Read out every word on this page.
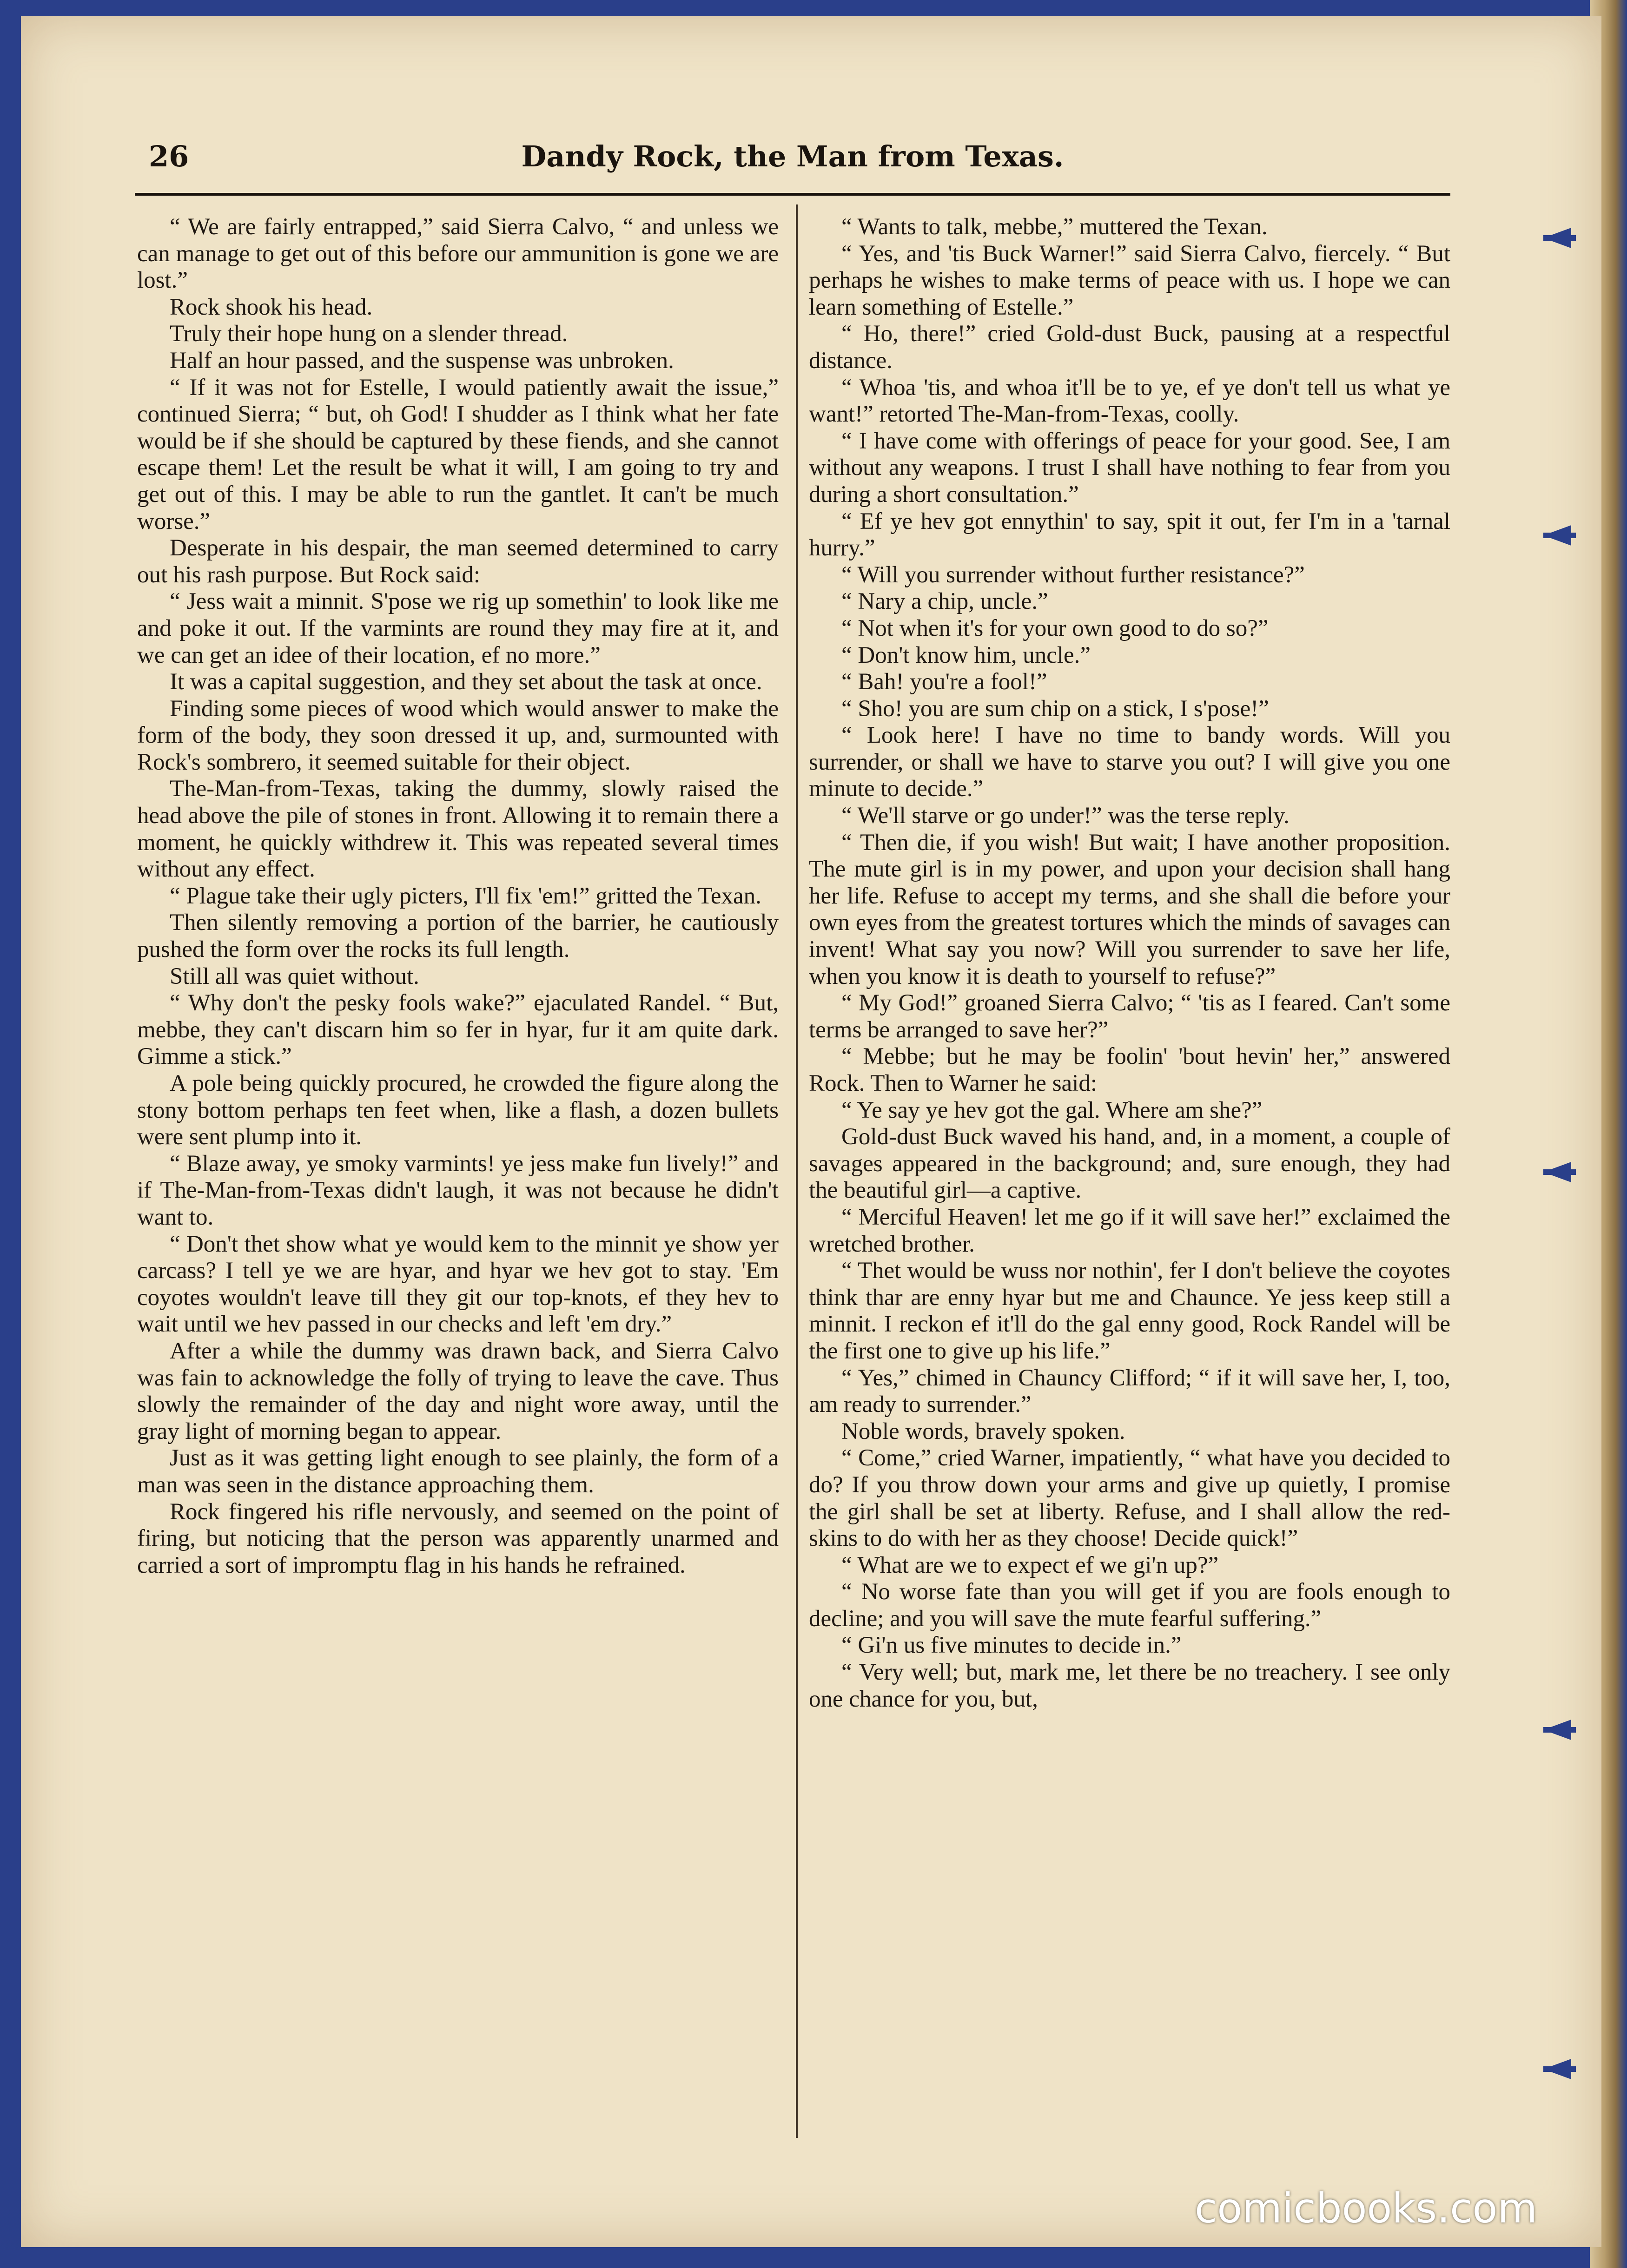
26	Dandy Rock, the Man from Texas.

“ We are fairly entrapped,” said Sierra Calvo, “ and unless we can manage to get out of this before our ammunition is gone we are lost.”

Rock shook his head.

Truly their hope hung on a slender thread.

Half an hour passed, and the suspense was unbroken.

“ If it was not for Estelle, I would patiently await the issue,” continued Sierra; “ but, oh God! I shudder as I think what her fate would be if she should be captured by these fiends, and she cannot escape them! Let the result be what it will, I am going to try and get out of this. I may be able to run the gantlet. It can't be much worse.”

Desperate in his despair, the man seemed determined to carry out his rash purpose. But Rock said:

“ Jess wait a minnit. S'pose we rig up somethin' to look like me and poke it out. If the varmints are round they may fire at it, and we can get an idee of their location, ef no more.”

It was a capital suggestion, and they set about the task at once.

Finding some pieces of wood which would answer to make the form of the body, they soon dressed it up, and, surmounted with Rock's sombrero, it seemed suitable for their object.

The-Man-from-Texas, taking the dummy, slowly raised the head above the pile of stones in front. Allowing it to remain there a moment, he quickly withdrew it. This was repeated several times without any effect.

“ Plague take their ugly picters, I'll fix 'em!” gritted the Texan.

Then silently removing a portion of the barrier, he cautiously pushed the form over the rocks its full length.

Still all was quiet without.

“ Why don't the pesky fools wake?” ejaculated Randel. “ But, mebbe, they can't discarn him so fer in hyar, fur it am quite dark. Gimme a stick.”

A pole being quickly procured, he crowded the figure along the stony bottom perhaps ten feet when, like a flash, a dozen bullets were sent plump into it.

“ Blaze away, ye smoky varmints! ye jess make fun lively!” and if The-Man-from-Texas didn't laugh, it was not because he didn't want to.

“ Don't thet show what ye would kem to the minnit ye show yer carcass? I tell ye we are hyar, and hyar we hev got to stay. 'Em coyotes wouldn't leave till they git our top-knots, ef they hev to wait until we hev passed in our checks and left 'em dry.”

After a while the dummy was drawn back, and Sierra Calvo was fain to acknowledge the folly of trying to leave the cave. Thus slowly the remainder of the day and night wore away, until the gray light of morning began to appear.

Just as it was getting light enough to see plainly, the form of a man was seen in the distance approaching them.

Rock fingered his rifle nervously, and seemed on the point of firing, but noticing that the person was apparently unarmed and carried a sort of impromptu flag in his hands he refrained.

“ Wants to talk, mebbe,” muttered the Texan.

“ Yes, and 'tis Buck Warner!” said Sierra Calvo, fiercely. “ But perhaps he wishes to make terms of peace with us. I hope we can learn something of Estelle.”

“ Ho, there!” cried Gold-dust Buck, pausing at a respectful distance.

“ Whoa 'tis, and whoa it'll be to ye, ef ye don't tell us what ye want!” retorted The-Man-from-Texas, coolly.

“ I have come with offerings of peace for your good. See, I am without any weapons. I trust I shall have nothing to fear from you during a short consultation.”

“ Ef ye hev got ennythin' to say, spit it out, fer I'm in a 'tarnal hurry.”

“ Will you surrender without further resistance?”

“ Nary a chip, uncle.”

“ Not when it's for your own good to do so?”

“ Don't know him, uncle.”

“ Bah! you're a fool!”

“ Sho! you are sum chip on a stick, I s'pose!”

“ Look here! I have no time to bandy words. Will you surrender, or shall we have to starve you out? I will give you one minute to decide.”

“ We'll starve or go under!” was the terse reply.

“ Then die, if you wish! But wait; I have another proposition. The mute girl is in my power, and upon your decision shall hang her life. Refuse to accept my terms, and she shall die before your own eyes from the greatest tortures which the minds of savages can invent! What say you now? Will you surrender to save her life, when you know it is death to yourself to refuse?”

“ My God!” groaned Sierra Calvo; “ 'tis as I feared. Can't some terms be arranged to save her?”

“ Mebbe; but he may be foolin' 'bout hevin' her,” answered Rock. Then to Warner he said:

“ Ye say ye hev got the gal. Where am she?”

Gold-dust Buck waved his hand, and, in a moment, a couple of savages appeared in the background; and, sure enough, they had the beautiful girl—a captive.

“ Merciful Heaven! let me go if it will save her!” exclaimed the wretched brother.

“ Thet would be wuss nor nothin', fer I don't believe the coyotes think thar are enny hyar but me and Chaunce. Ye jess keep still a minnit. I reckon ef it'll do the gal enny good, Rock Randel will be the first one to give up his life.”

“ Yes,” chimed in Chauncy Clifford; “ if it will save her, I, too, am ready to surrender.”

Noble words, bravely spoken.

“ Come,” cried Warner, impatiently, “ what have you decided to do? If you throw down your arms and give up quietly, I promise the girl shall be set at liberty. Refuse, and I shall allow the red-skins to do with her as they choose! Decide quick!”

“ What are we to expect ef we gi'n up?”

“ No worse fate than you will get if you are fools enough to decline; and you will save the mute fearful suffering.”

“ Gi'n us five minutes to decide in.”

“ Very well; but, mark me, let there be no treachery. I see only one chance for you, but,

comicbooks.com
